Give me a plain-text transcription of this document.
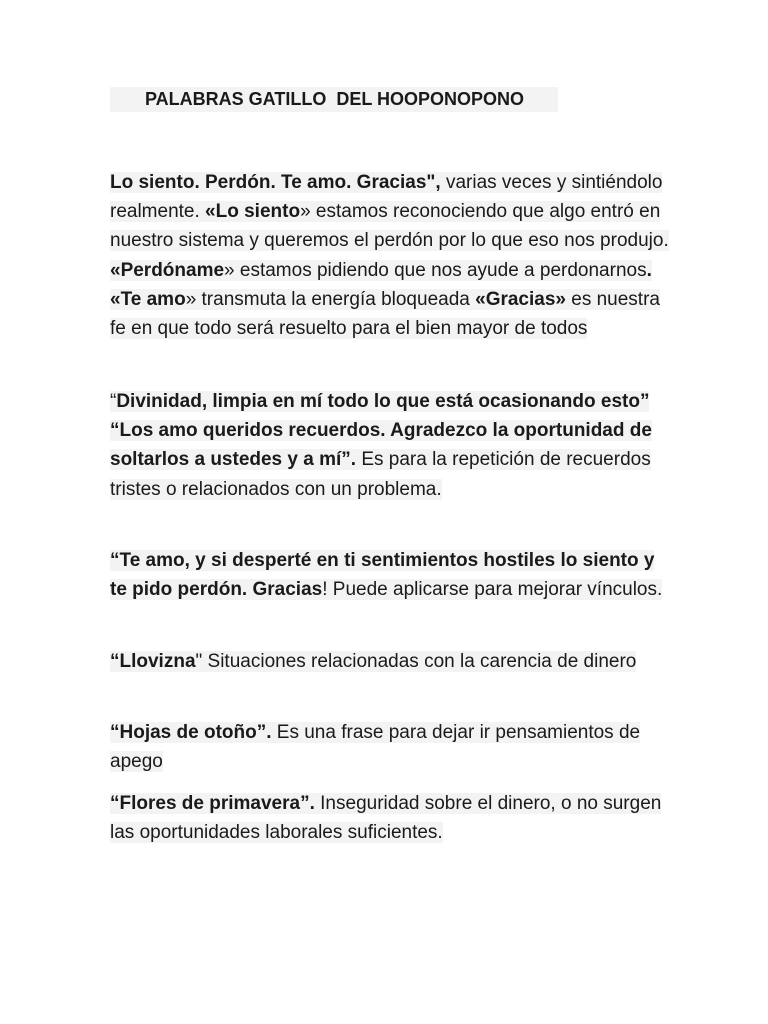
PALABRAS GATILLO  DEL HOOPONOPONO
Lo siento. Perdón. Te amo. Gracias", varias veces y sintiéndolo realmente. «Lo siento» estamos reconociendo que algo entró en nuestro sistema y queremos el perdón por lo que eso nos produjo. «Perdóname» estamos pidiendo que nos ayude a perdonarnos. «Te amo» transmuta la energía bloqueada «Gracias» es nuestra fe en que todo será resuelto para el bien mayor de todos
“Divinidad, limpia en mí todo lo que está ocasionando esto” “Los amo queridos recuerdos. Agradezco la oportunidad de soltarlos a ustedes y a mí”. Es para la repetición de recuerdos tristes o relacionados con un problema.
“Te amo, y si desperté en ti sentimientos hostiles lo siento y te pido perdón. Gracias! Puede aplicarse para mejorar vínculos.
“Llovizna" Situaciones relacionadas con la carencia de dinero
“Hojas de otoño”. Es una frase para dejar ir pensamientos de apego
“Flores de primavera”. Inseguridad sobre el dinero, o no surgen las oportunidades laborales suficientes.
